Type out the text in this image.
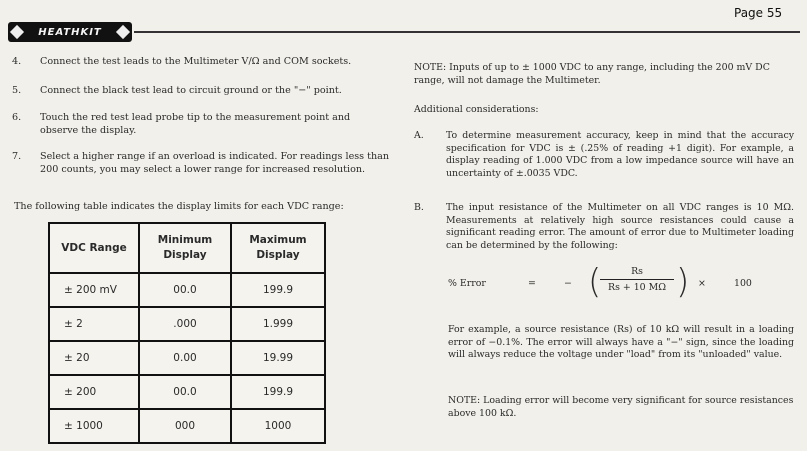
HEATHKIT
Page 55
4. Connect the test leads to the Multimeter V/Ω and COM sockets.
5. Connect the black test lead to circuit ground or the "−" point.
6. Touch the red test lead probe tip to the measurement point and observe the display.
7. Select a higher range if an overload is indicated. For readings less than 200 counts, you may select a lower range for increased resolution.
The following table indicates the display limits for each VDC range:
VDC Range	Minimum Display	Maximum Display
± 200 mV	00.0	199.9
± 2	.000	1.999
± 20	0.00	19.99
± 200	00.0	199.9
± 1000	000	1000
NOTE: Inputs of up to ± 1000 VDC to any range, including the 200 mV DC range, will not damage the Multimeter.
Additional considerations:
A. To determine measurement accuracy, keep in mind that the accuracy specification for VDC is ± (.25% of reading +1 digit). For example, a display reading of 1.000 VDC from a low impedance source will have an uncertainty of ±.0035 VDC.
B. The input resistance of the Multimeter on all VDC ranges is 10 MΩ. Measurements at relatively high source resistances could cause a significant reading error. The amount of error due to Multimeter loading can be determined by the following:
% Error	=	− (
$\frac{Rs}{Rs + 10 M\Omega}$ ) ×	100
For example, a source resistance (Rs) of 10 kΩ will result in a loading error of −0.1%. The error will always have a "−" sign, since the loading will always reduce the voltage under "load" from its "unloaded" value.
NOTE: Loading error will become very significant for source resistances above 100 kΩ.
